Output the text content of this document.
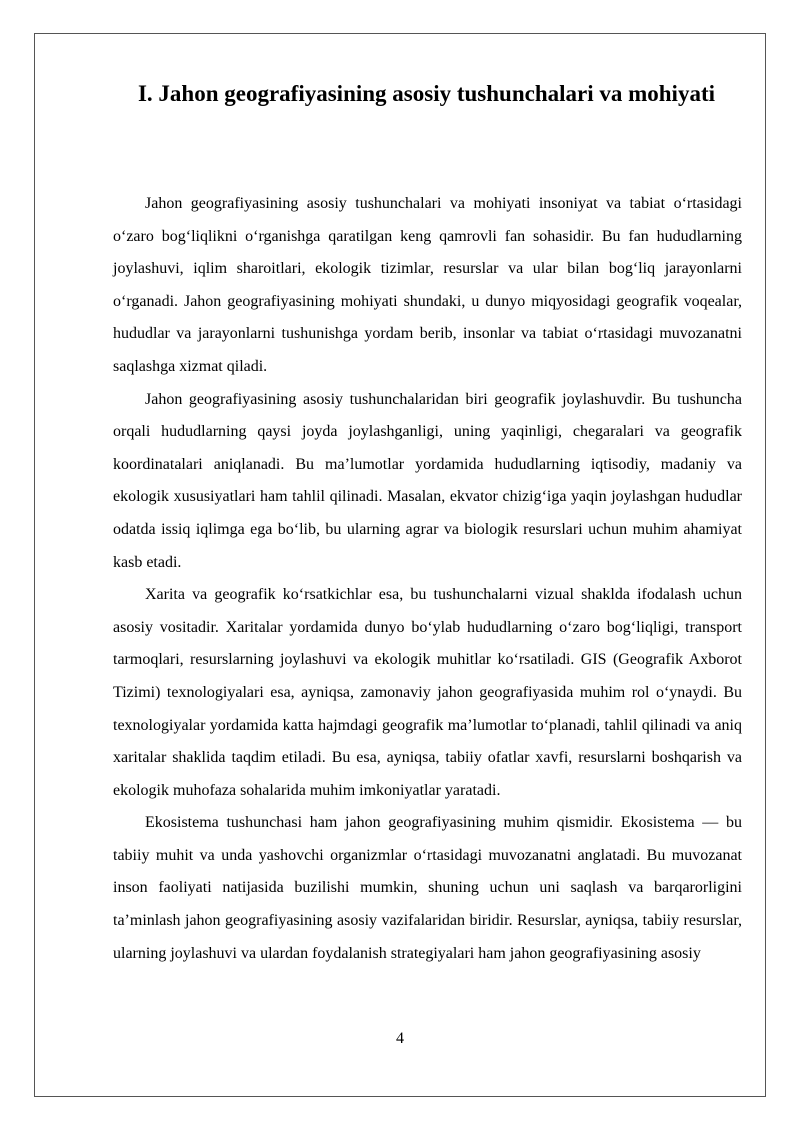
I. Jahon geografiyasining asosiy tushunchalari va mohiyati

Jahon geografiyasining asosiy tushunchalari va mohiyati insoniyat va tabiat o‘rtasidagi o‘zaro bog‘liqlikni o‘rganishga qaratilgan keng qamrovli fan sohasidir. Bu fan hududlarning joylashuvi, iqlim sharoitlari, ekologik tizimlar, resurslar va ular bilan bog‘liq jarayonlarni o‘rganadi. Jahon geografiyasining mohiyati shundaki, u dunyo miqyosidagi geografik voqealar, hududlar va jarayonlarni tushunishga yordam berib, insonlar va tabiat o‘rtasidagi muvozanatni saqlashga xizmat qiladi.

Jahon geografiyasining asosiy tushunchalaridan biri geografik joylashuvdir. Bu tushuncha orqali hududlarning qaysi joyda joylashganligi, uning yaqinligi, chegaralari va geografik koordinatalari aniqlanadi. Bu ma’lumotlar yordamida hududlarning iqtisodiy, madaniy va ekologik xususiyatlari ham tahlil qilinadi. Masalan, ekvator chizig‘iga yaqin joylashgan hududlar odatda issiq iqlimga ega bo‘lib, bu ularning agrar va biologik resurslari uchun muhim ahamiyat kasb etadi.

Xarita va geografik ko‘rsatkichlar esa, bu tushunchalarni vizual shaklda ifodalash uchun asosiy vositadir. Xaritalar yordamida dunyo bo‘ylab hududlarning o‘zaro bog‘liqligi, transport tarmoqlari, resurslarning joylashuvi va ekologik muhitlar ko‘rsatiladi. GIS (Geografik Axborot Tizimi) texnologiyalari esa, ayniqsa, zamonaviy jahon geografiyasida muhim rol o‘ynaydi. Bu texnologiyalar yordamida katta hajmdagi geografik ma’lumotlar to‘planadi, tahlil qilinadi va aniq xaritalar shaklida taqdim etiladi. Bu esa, ayniqsa, tabiiy ofatlar xavfi, resurslarni boshqarish va ekologik muhofaza sohalarida muhim imkoniyatlar yaratadi.

Ekosistema tushunchasi ham jahon geografiyasining muhim qismidir. Ekosistema — bu tabiiy muhit va unda yashovchi organizmlar o‘rtasidagi muvozanatni anglatadi. Bu muvozanat inson faoliyati natijasida buzilishi mumkin, shuning uchun uni saqlash va barqarorligini ta’minlash jahon geografiyasining asosiy vazifalaridan biridir. Resurslar, ayniqsa, tabiiy resurslar, ularning joylashuvi va ulardan foydalanish strategiyalari ham jahon geografiyasining asosiy

4
